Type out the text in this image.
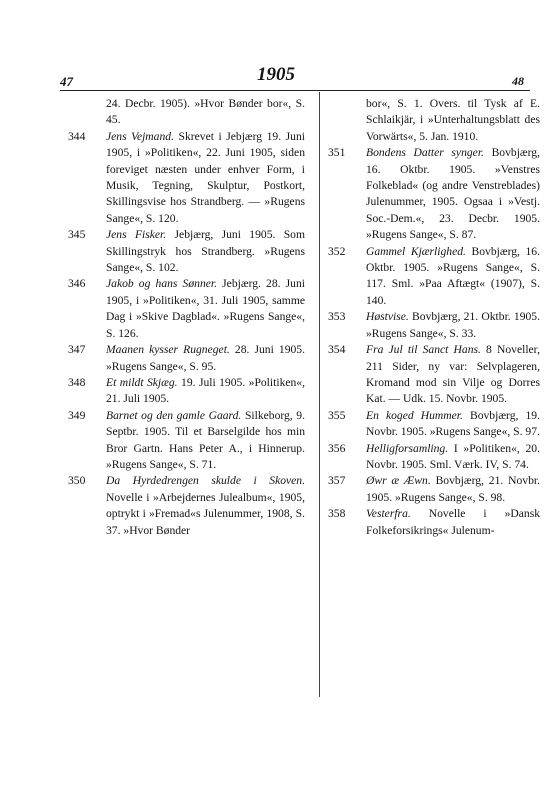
47	1905	48
24. Decbr. 1905). »Hvor Bønder bor«, S. 45.
344	Jens Vejmand. Skrevet i Jebjærg 19. Juni 1905, i »Politiken«, 22. Juni 1905, siden foreviget næsten under enhver Form, i Musik, Tegning, Skulptur, Postkort, Skillingsvise hos Strandberg. — »Rugens Sange«, S. 120.
345	Jens Fisker. Jebjærg, Juni 1905. Som Skillingstryk hos Strandberg. »Rugens Sange«, S. 102.
346	Jakob og hans Sønner. Jebjærg. 28. Juni 1905, i »Politiken«, 31. Juli 1905, samme Dag i »Skive Dagblad«. »Rugens Sange«, S. 126.
347	Maanen kysser Rugneget. 28. Juni 1905. »Rugens Sange«, S. 95.
348	Et mildt Skjæg. 19. Juli 1905. »Politiken«, 21. Juli 1905.
349	Barnet og den gamle Gaard. Silkeborg, 9. Septbr. 1905. Til et Barselgilde hos min Bror Gartn. Hans Peter A., i Hinnerup. »Rugens Sange«, S. 71.
350	Da Hyrdedrengen skulde i Skoven. Novelle i »Arbejdernes Julealbum«, 1905, optrykt i »Fremad«s Julenummer, 1908, S. 37. »Hvor Bønder
bor«, S. 1. Overs. til Tysk af E. Schlaikjär, i »Unterhaltungsblatt des Vorwärts«, 5. Jan. 1910.
351	Bondens Datter synger. Bovbjærg, 16. Oktbr. 1905. »Venstres Folkeblad« (og andre Venstreblades) Julenummer, 1905. Ogsaa i »Vestj. Soc.-Dem.«, 23. Decbr. 1905. »Rugens Sange«, S. 87.
352	Gammel Kjærlighed. Bovbjærg, 16. Oktbr. 1905. »Rugens Sange«, S. 117. Sml. »Paa Aftægt« (1907), S. 140.
353	Høstvise. Bovbjærg, 21. Oktbr. 1905. »Rugens Sange«, S. 33.
354	Fra Jul til Sanct Hans. 8 Noveller, 211 Sider, ny var: Selvplageren, Kromand mod sin Vilje og Dorres Kat. — Udk. 15. Novbr. 1905.
355	En koged Hummer. Bovbjærg, 19. Novbr. 1905. »Rugens Sange«, S. 97.
356	Helligforsamling. I »Politiken«, 20. Novbr. 1905. Sml. Værk. IV, S. 74.
357	Øwr æ Æwn. Bovbjærg, 21. Novbr. 1905. »Rugens Sange«, S. 98.
358	Vesterfra. Novelle i »Dansk Folkeforsikrings« Julenum-
